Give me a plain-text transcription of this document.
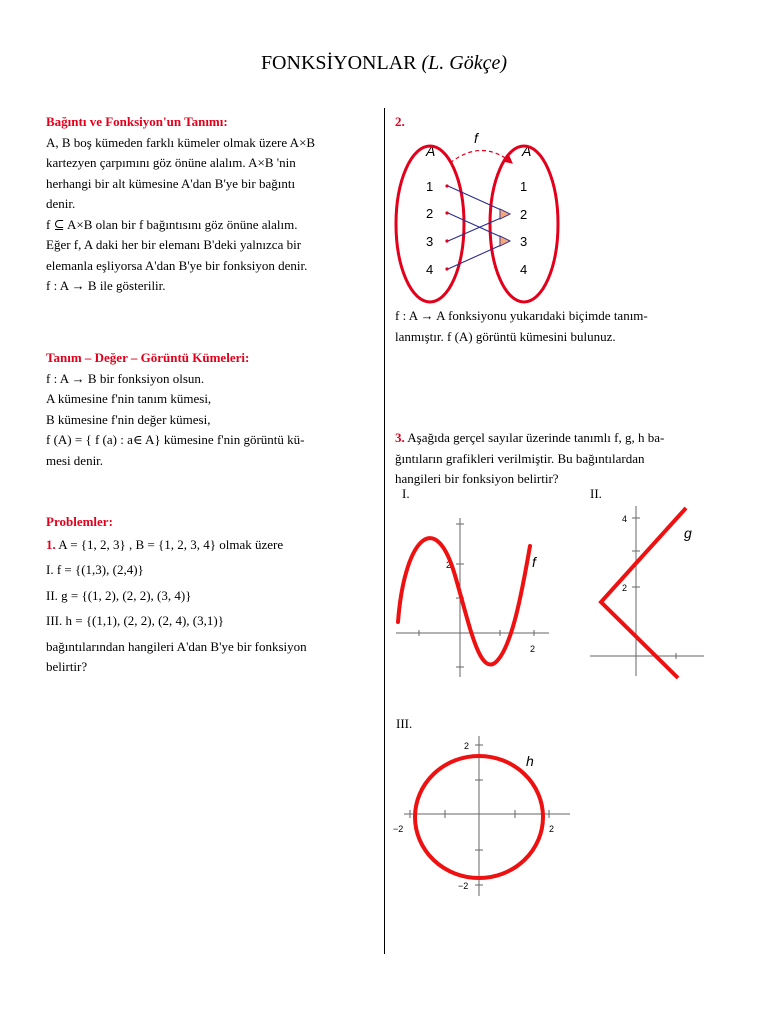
FONKSİYONLAR (L. Gökçe)
Bağıntı ve Fonksiyon'un Tanımı:

A, B boş kümeden farklı kümeler olmak üzere A×B

kartezyen çarpımını göz önüne alalım. A×B 'nin

herhangi bir alt kümesine A'dan B'ye bir bağıntı

denir.

f ⊆ A×B olan bir f bağıntısını göz önüne alalım.

Eğer f, A daki her bir elemanı B'deki yalnızca bir

elemanla eşliyorsa A'dan B'ye bir fonksiyon denir.

f : A → B ile gösterilir.

Tanım – Değer – Görüntü Kümeleri:

f : A → B bir fonksiyon olsun.

A kümesine f'nin tanım kümesi,

B kümesine f'nin değer kümesi,

f (A) = { f (a) : a∈ A} kümesine f'nin görüntü kü-

mesi denir.

Problemler:

1. A = {1, 2, 3} , B = {1, 2, 3, 4} olmak üzere

I. f = {(1,3), (2,4)}

II. g = {(1, 2), (2, 2), (3, 4)}

III. h = {(1,1), (2, 2), (2, 4), (3,1)}

bağıntılarından hangileri A'dan B'ye bir fonksiyon

belirtir?

2.
f
A	A
1
2
3
4
1
2
3
4

f : A → A fonksiyonu yukarıdaki biçimde tanım-

lanmıştır. f (A) görüntü kümesini bulunuz.

3. Aşağıda gerçel sayılar üzerinde tanımlı f, g, h ba-

ğıntıların grafikleri verilmiştir. Bu bağıntılardan

hangileri bir fonksiyon belirtir?

I.	II.
2
2
f
4
2
g
III.
2
−2	2
−2
h
